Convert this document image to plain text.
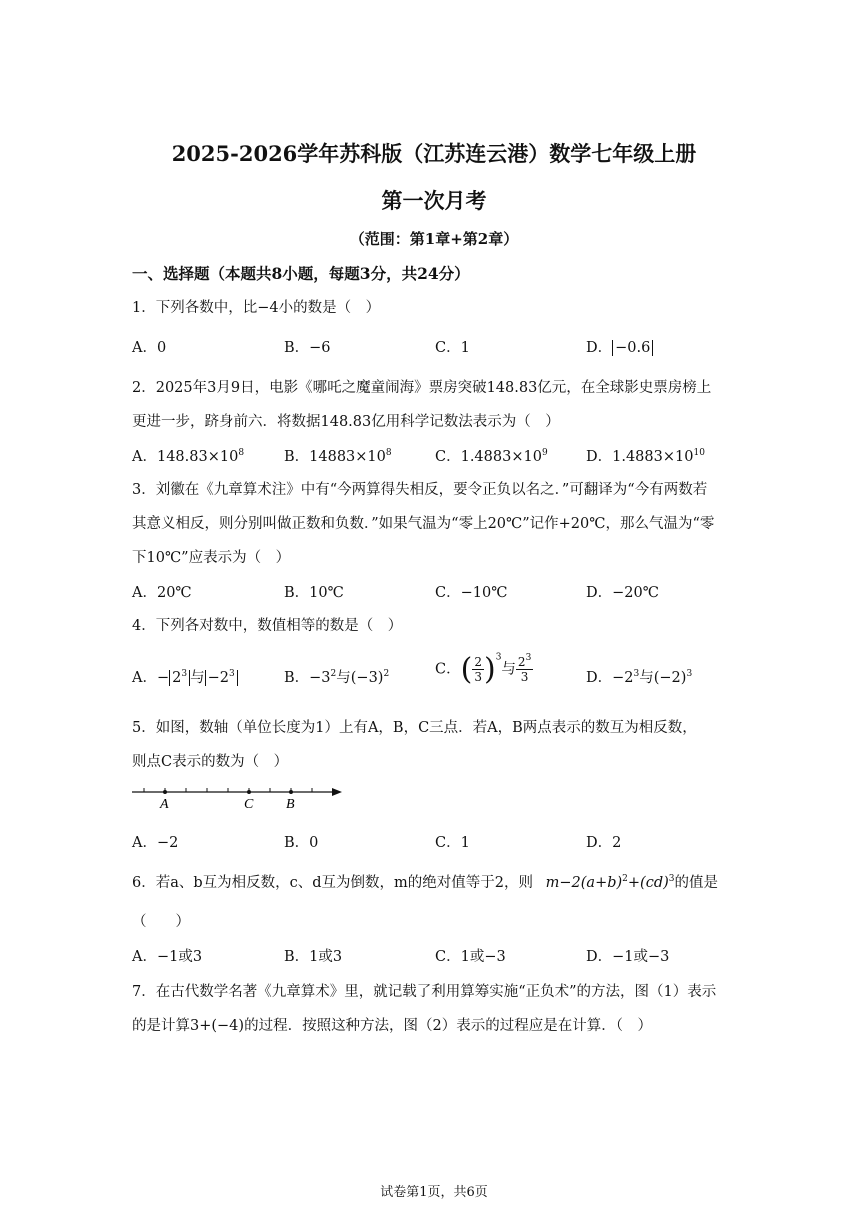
2025-2026学年苏科版（江苏连云港）数学七年级上册
第一次月考
（范围：第1章+第2章）
一、选择题（本题共8小题，每题3分，共24分）
1．下列各数中，比−4小的数是（　）
A．0	B．−6	C．1	D． −0.6
2．2025年3月9日，电影《哪吒之魔童闹海》票房突破148.83亿元，在全球影史票房榜上
更进一步，跻身前六．将数据148.83亿用科学记数法表示为（　）
A．$148.83\times 10^8$	B．$14883\times 10^8$	C．$1.4883\times 10^9$	D．$1.4883\times 10^{10}$
3．刘徽在《九章算术注》中有“今两算得失相反，要令正负以名之．”可翻译为“今有两数若
其意义相反，则分别叫做正数和负数．”如果气温为“零上20℃”记作+20℃，那么气温为“零
下10℃”应表示为（　）
A．20℃	B．10℃	C．−10℃	D．−20℃
4．下列各对数中，数值相等的数是（　）
A．− $2^3$ 与 $-2^3$	B．$-3^2$与$(-3)^2$	C．( $\frac{2}{3} )^3$与 $\frac{2^3}{3}$	D．$-2^3$与$(-2)^3$
5．如图，数轴（单位长度为1）上有A，B，C三点．若A，B两点表示的数互为相反数，
则点C表示的数为（　）
A	C B
A．−2	B．0	C．1	D．2
6．若a、b互为相反数，c、d互为倒数，m的绝对值等于2，则 $m-2(a+b)^2+(cd)^3$的值是
（　　）
A．−1或3	B．1或3	C．1或−3	D．−1或−3
7．在古代数学名著《九章算术》里，就记载了利用算筹实施“正负术”的方法，图（1）表示
的是计算3+(−4)的过程．按照这种方法，图（2）表示的过程应是在计算．（　）
试卷第1页，共6页
